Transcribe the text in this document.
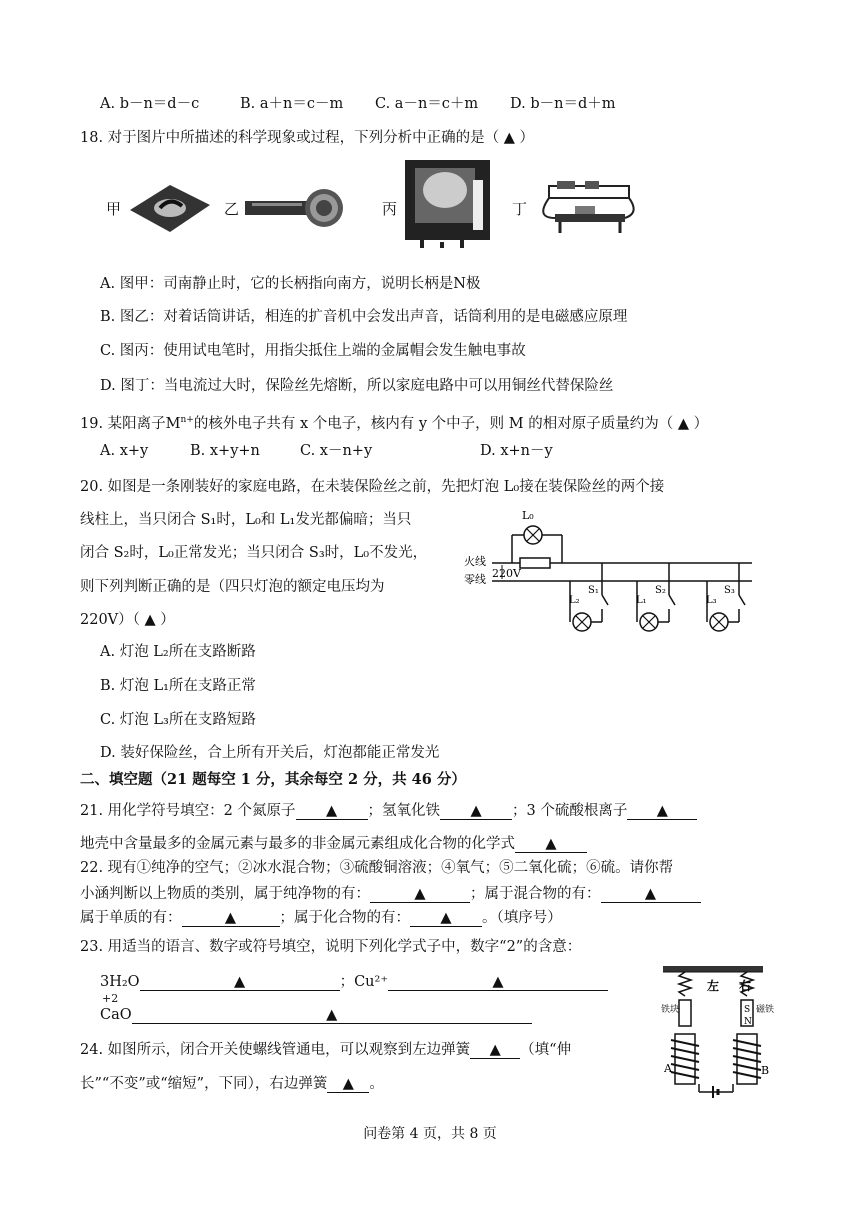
A. b－n＝d－c	B. a＋n＝c－m C. a－n＝c＋m D. b－n＝d＋m
18. 对于图片中所描述的科学现象或过程，下列分析中正确的是（ ▲ ）
甲	乙	丙	丁
A. 图甲：司南静止时，它的长柄指向南方，说明长柄是N极
B. 图乙：对着话筒讲话，相连的扩音机中会发出声音，话筒利用的是电磁感应原理
C. 图丙：使用试电笔时，用指尖抵住上端的金属帽会发生触电事故
D. 图丁：当电流过大时，保险丝先熔断，所以家庭电路中可以用铜丝代替保险丝
19. 某阳离子$M^{n+}$的核外电子共有 x 个电子，核内有 y 个中子，则 M 的相对原子质量约为（ ▲ ）
A. x+y	B. x+y+n	C. x－n+y	D. x+n－y
20. 如图是一条刚装好的家庭电路，在未装保险丝之前，先把灯泡 L₀接在装保险丝的两个接
线柱上，当只闭合 S₁时，L₀和 L₁发光都偏暗；当只
闭合 S₂时，L₀正常发光；当只闭合 S₃时，L₀不发光，
则下列判断正确的是（四只灯泡的额定电压均为
220V）（ ▲ ）
L₀
火线
零线 220V
L₂
S₁
L₁
S₂
L₃
S₃
A. 灯泡 L₂所在支路断路
B. 灯泡 L₁所在支路正常
C. 灯泡 L₃所在支路短路
D. 装好保险丝，合上所有开关后，灯泡都能正常发光
二、填空题（21 题每空 1 分，其余每空 2 分，共 46 分）
21. 用化学符号填空：2 个氮原子 ▲ ；氢氧化铁 ▲ ；3 个硫酸根离子 ▲
地壳中含量最多的金属元素与最多的非金属元素组成化合物的化学式 ▲
22. 现有①纯净的空气；②冰水混合物；③硫酸铜溶液；④氧气；⑤二氧化硫；⑥硫。请你帮
小涵判断以上物质的类别，属于纯净物的有：	▲	；属于混合物的有：	▲
属于单质的有：	▲	；属于化合物的有： ▲ 。（填序号）
23. 用适当的语言、数字或符号填空，说明下列化学式子中，数字“2”的含意：
3H₂O	▲	；Cu²⁺	▲
+2
CaO	▲
24. 如图所示，闭合开关使螺线管通电，可以观察到左边弹簧 ▲ （填“伸
长”“不变”或“缩短”，下同），右边弹簧 ▲ 。
左 右
S
N
铁块	磁铁
A	B
问卷第 4 页，共 8 页
